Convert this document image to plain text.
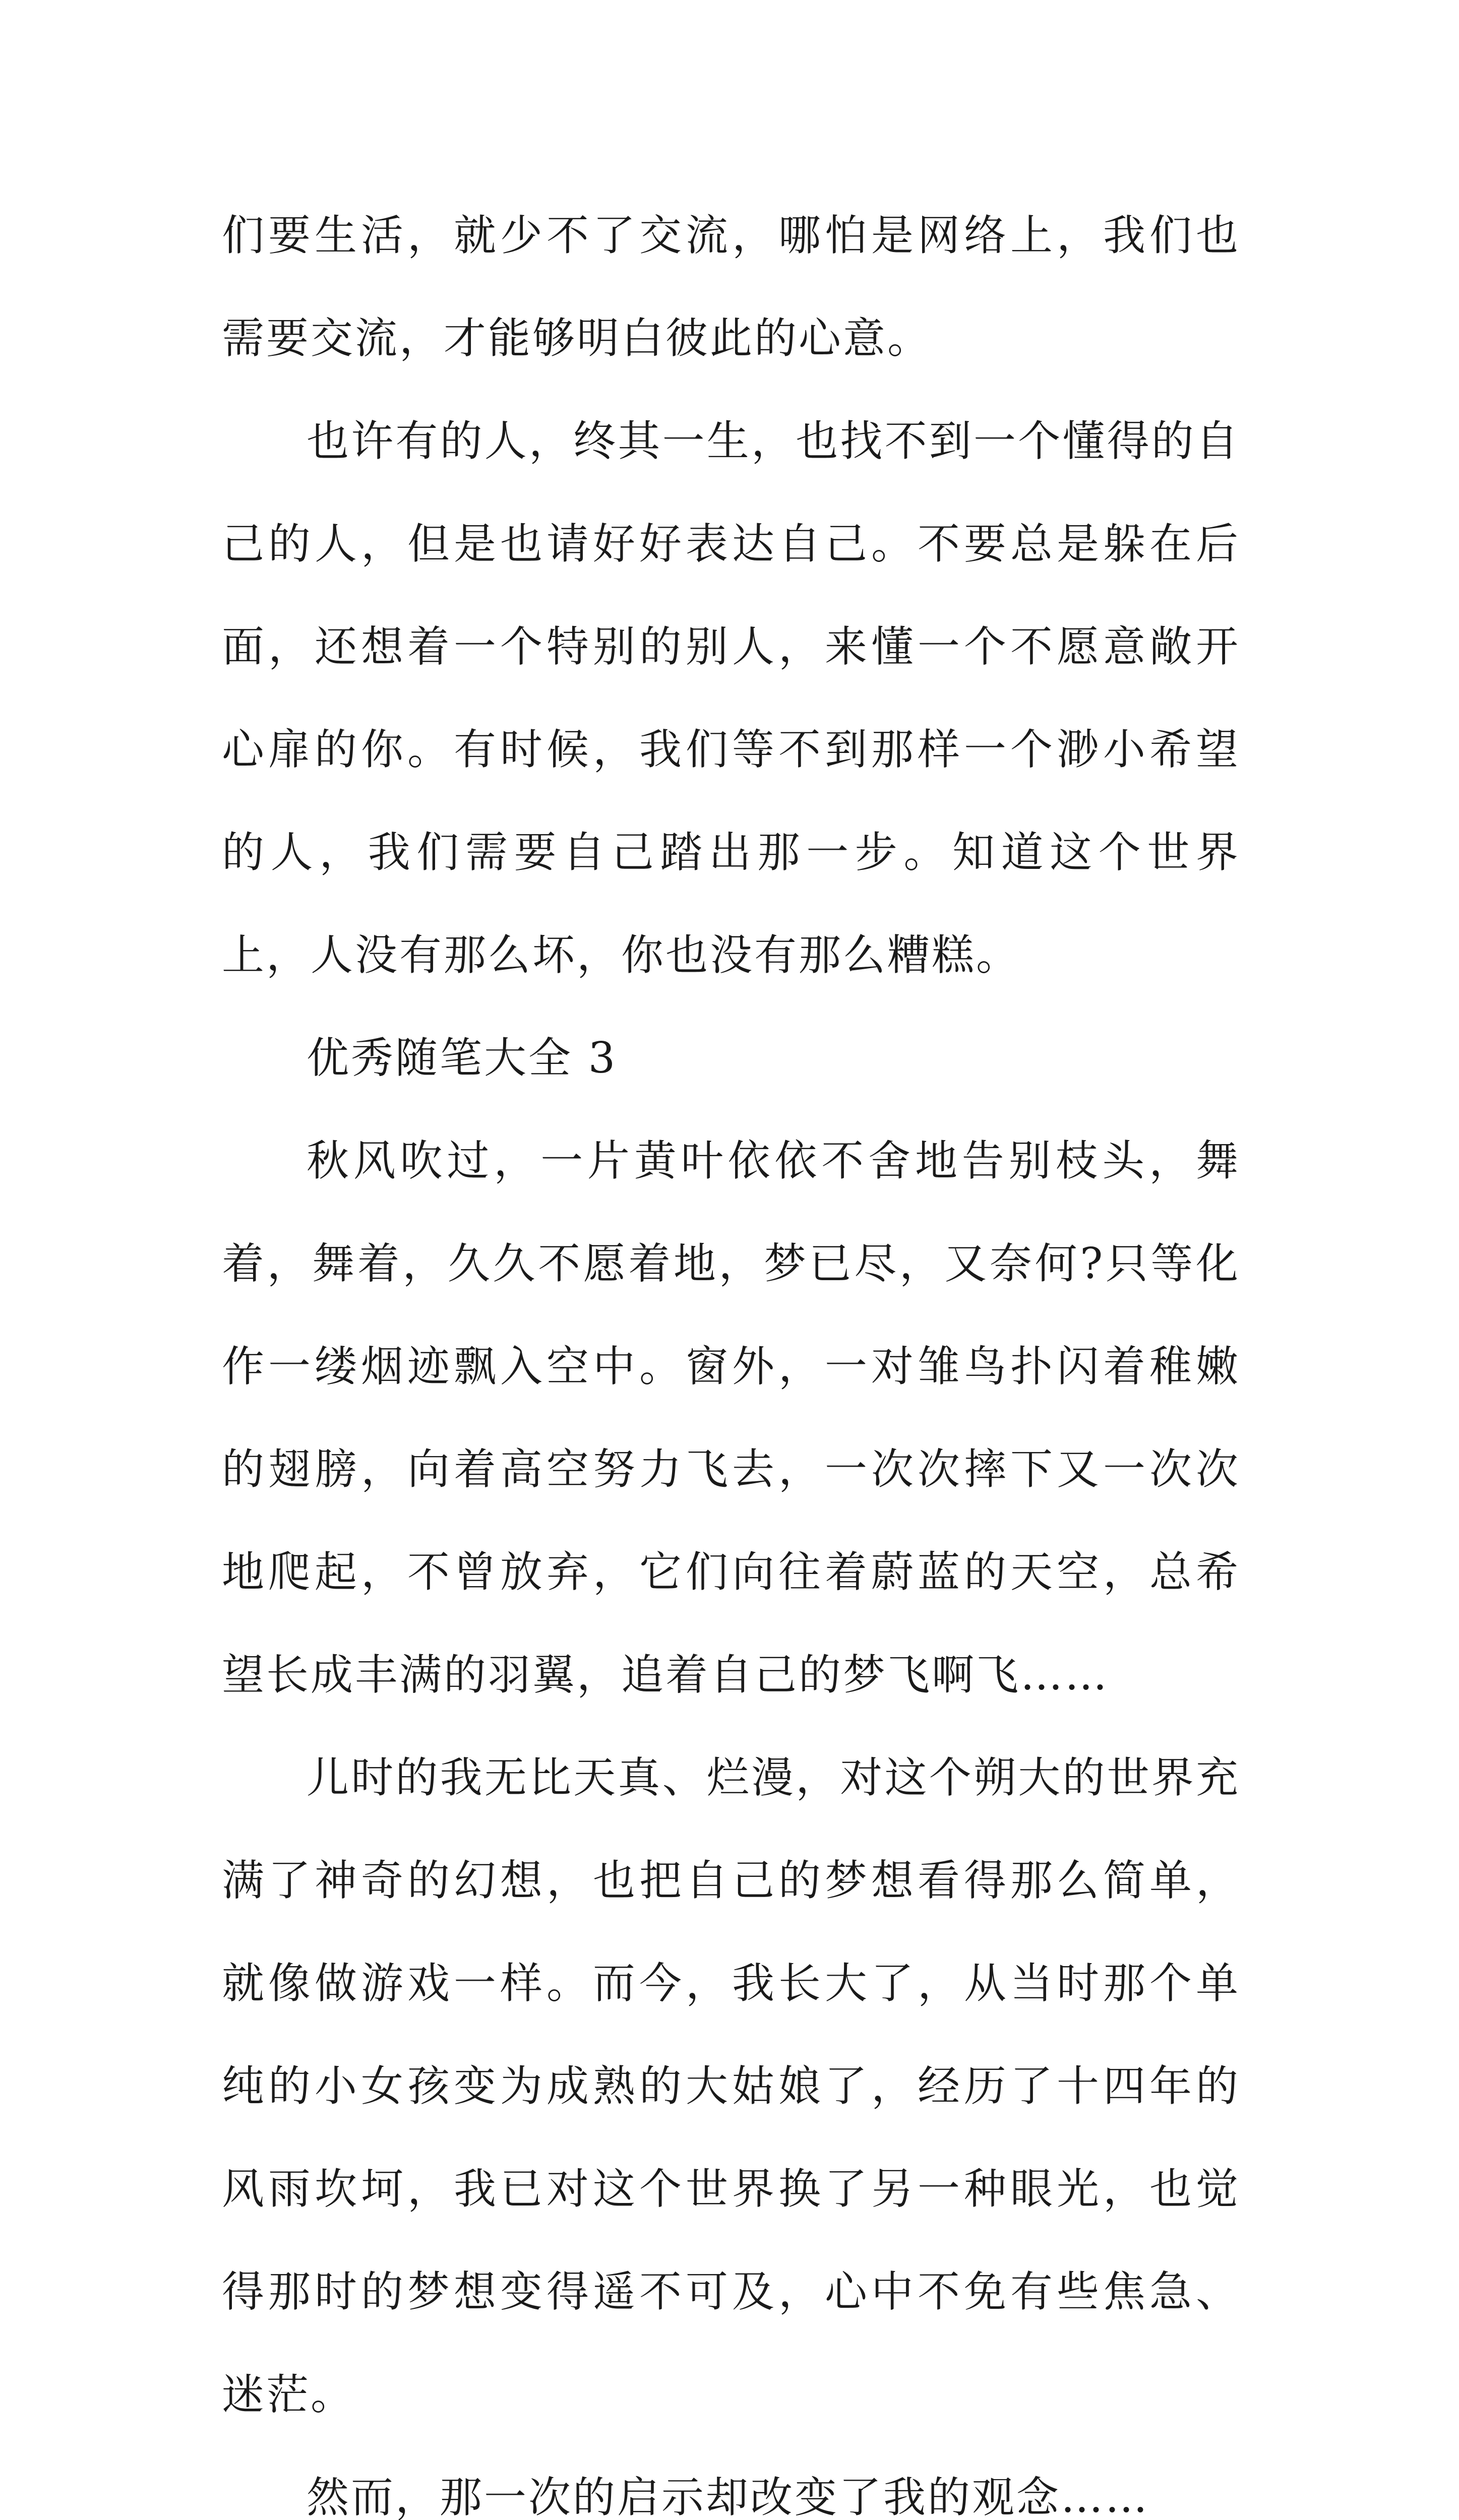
们要生活，就少不了交流，哪怕是网络上，我们也需要交流，才能够明白彼此的心意。

也许有的人，终其一生，也找不到一个懂得的自己的人，但是也请好好表达自己。不要总是躲在后面，还想着一个特别的别人，来懂一个不愿意敞开心扉的你。有时候，我们等不到那样一个渺小希望的人，我们需要自己踏出那一步。知道这个世界上，人没有那么坏，你也没有那么糟糕。

优秀随笔大全 3

秋风吹过，一片黄叶依依不舍地告别枝头，舞着，舞着，久久不愿着地，梦已尽，又奈何?只等化作一缕烟迹飘入空中。窗外，一对雏鸟扑闪着稚嫩的翅膀，向着高空努力飞去，一次次摔下又一次次地爬起，不曾放弃，它们向往着蔚蓝的天空，总希望长成丰满的羽翼，追着自己的梦飞啊飞……

儿时的我无比天真、烂漫，对这个朔大的世界充满了神奇的幻想，也把自己的梦想看得那么简单，就像做游戏一样。而今，我长大了，从当时那个单纯的小女孩变为成熟的大姑娘了，经历了十四年的风雨坎坷，我已对这个世界换了另一种眼光，也觉得那时的梦想变得遥不可及，心中不免有些焦急、迷茫。

然而，那一次的启示却改变了我的观念……
